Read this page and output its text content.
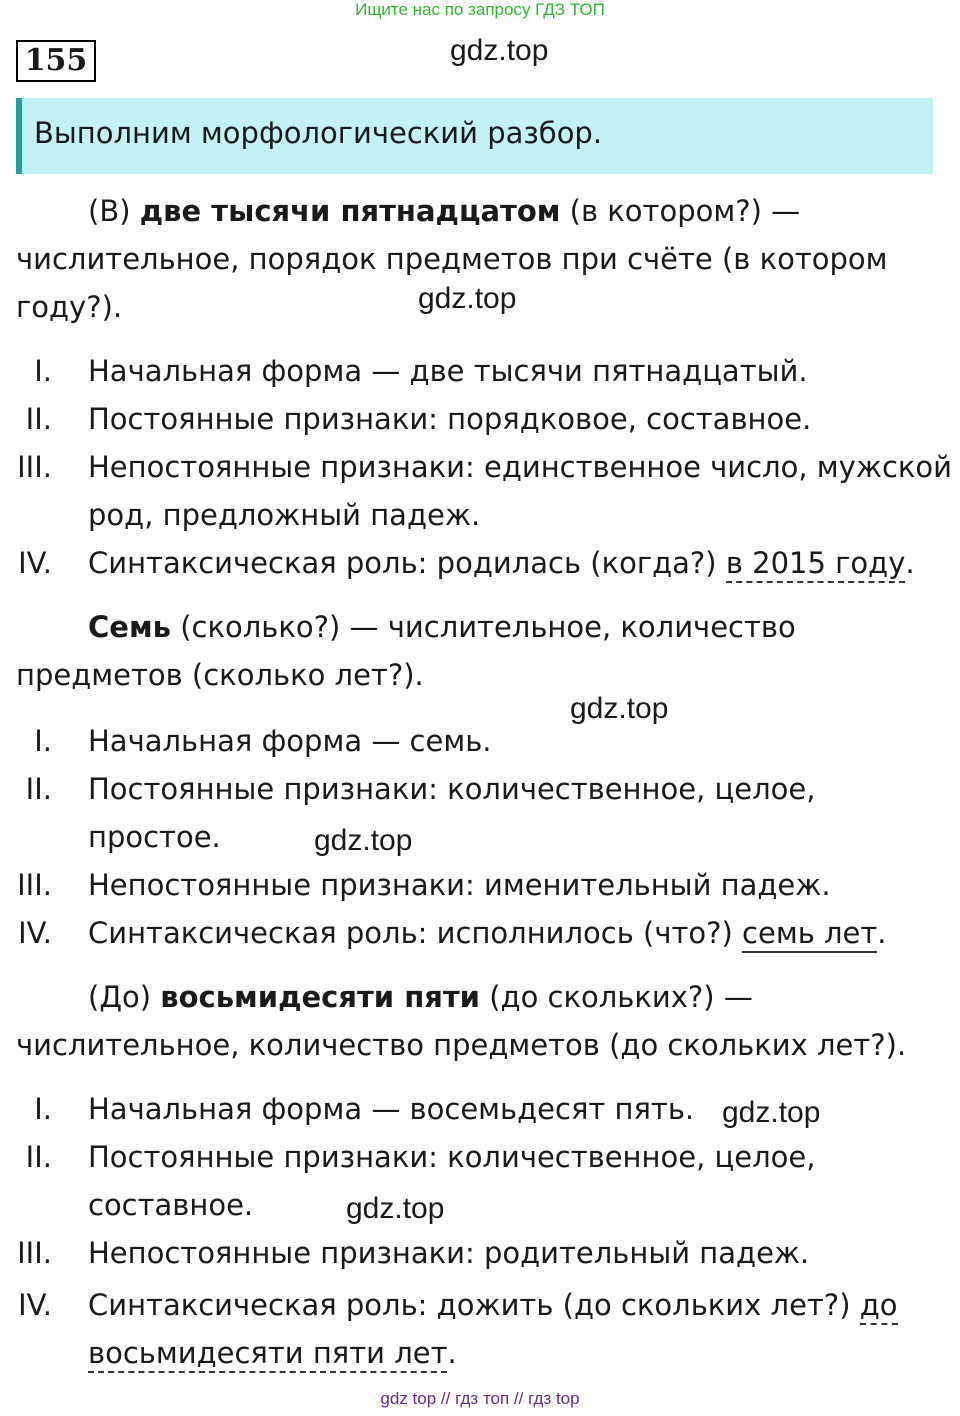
Ищите нас по запросу ГДЗ ТОП
155	gdz.top
Выполним морфологический разбор.
(В) две тысячи пятнадцатом (в котором?) —
числительное, порядок предметов при счёте (в котором
году?).	gdz.top
I. Начальная форма — две тысячи пятнадцатый.
II. Постоянные признаки: порядковое, составное.
III. Непостоянные признаки: единственное число, мужской
род, предложный падеж.
IV. Синтаксическая роль: родилась (когда?) в 2015 году.
Семь (сколько?) — числительное, количество
предметов (сколько лет?).
gdz.top
I. Начальная форма — семь.
II. Постоянные признаки: количественное, целое,
простое.	gdz.top
III. Непостоянные признаки: именительный падеж.
IV. Синтаксическая роль: исполнилось (что?) семь лет.
(До) восьмидесяти пяти (до скольких?) —
числительное, количество предметов (до скольких лет?).
I. Начальная форма — восемьдесят пять. gdz.top
II. Постоянные признаки: количественное, целое,
составное.	gdz.top
III. Непостоянные признаки: родительный падеж.
IV. Синтаксическая роль: дожить (до скольких лет?) до
восьмидесяти пяти лет.
gdz top // гдз топ // гдз top
